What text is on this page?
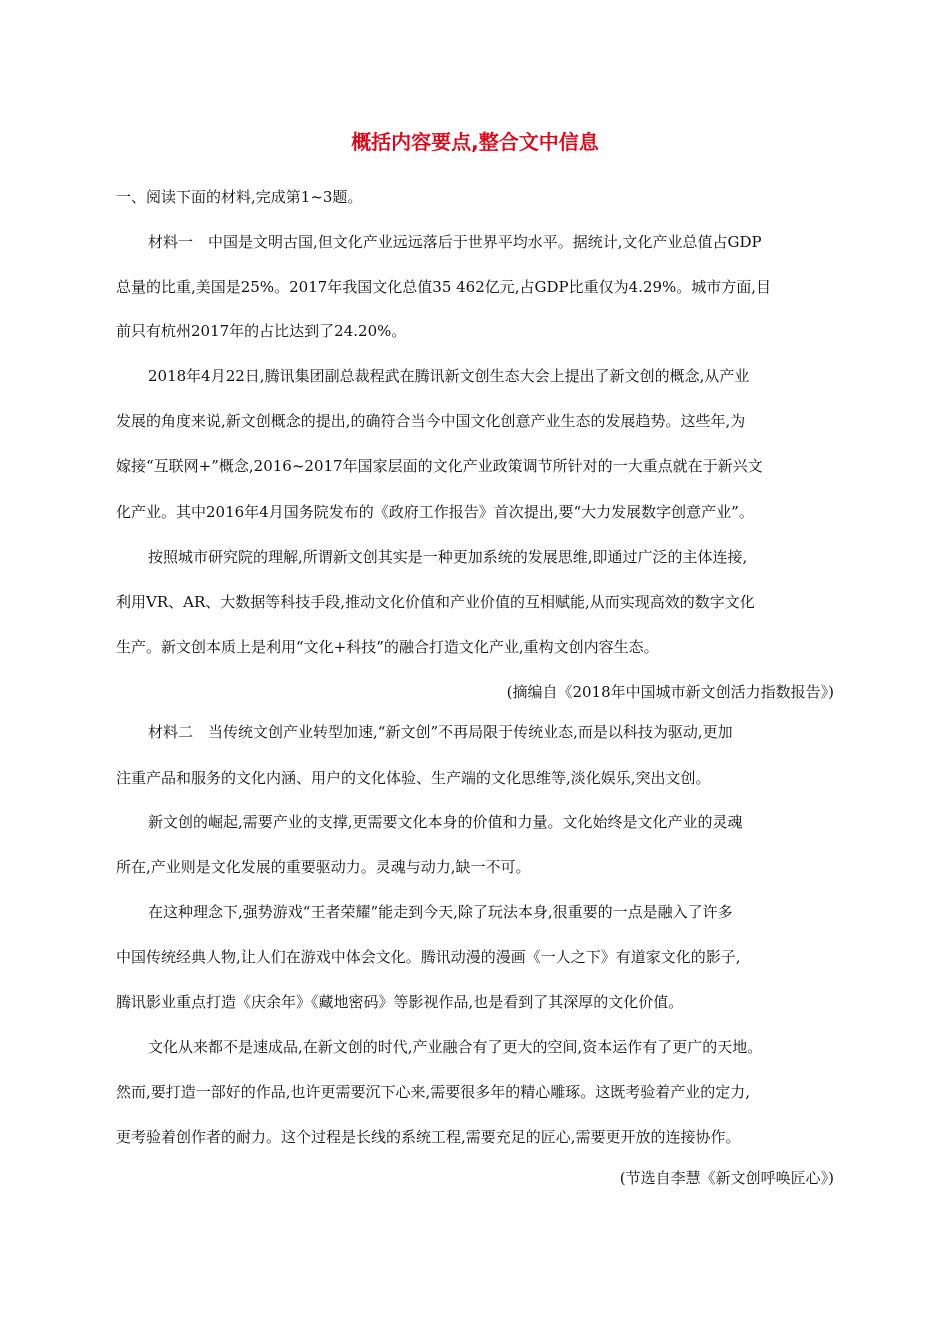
概括内容要点,整合文中信息
一、阅读下面的材料,完成第1~3题。
材料一　中国是文明古国,但文化产业远远落后于世界平均水平。据统计,文化产业总值占GDP
总量的比重,美国是25%。2017年我国文化总值35 462亿元,占GDP比重仅为4.29%。城市方面,目
前只有杭州2017年的占比达到了24.20%。
2018年4月22日,腾讯集团副总裁程武在腾讯新文创生态大会上提出了新文创的概念,从产业
发展的角度来说,新文创概念的提出,的确符合当今中国文化创意产业生态的发展趋势。这些年,为
嫁接“互联网+”概念,2016~2017年国家层面的文化产业政策调节所针对的一大重点就在于新兴文
化产业。其中2016年4月国务院发布的《政府工作报告》首次提出,要“大力发展数字创意产业”。
按照城市研究院的理解,所谓新文创其实是一种更加系统的发展思维,即通过广泛的主体连接,
利用VR、AR、大数据等科技手段,推动文化价值和产业价值的互相赋能,从而实现高效的数字文化
生产。新文创本质上是利用“文化+科技”的融合打造文化产业,重构文创内容生态。
(摘编自《2018年中国城市新文创活力指数报告》)
材料二　当传统文创产业转型加速,“新文创”不再局限于传统业态,而是以科技为驱动,更加
注重产品和服务的文化内涵、用户的文化体验、生产端的文化思维等,淡化娱乐,突出文创。
新文创的崛起,需要产业的支撑,更需要文化本身的价值和力量。文化始终是文化产业的灵魂
所在,产业则是文化发展的重要驱动力。灵魂与动力,缺一不可。
在这种理念下,强势游戏“王者荣耀”能走到今天,除了玩法本身,很重要的一点是融入了许多
中国传统经典人物,让人们在游戏中体会文化。腾讯动漫的漫画《一人之下》有道家文化的影子,
腾讯影业重点打造《庆余年》《藏地密码》等影视作品,也是看到了其深厚的文化价值。
文化从来都不是速成品,在新文创的时代,产业融合有了更大的空间,资本运作有了更广的天地。
然而,要打造一部好的作品,也许更需要沉下心来,需要很多年的精心雕琢。这既考验着产业的定力,
更考验着创作者的耐力。这个过程是长线的系统工程,需要充足的匠心,需要更开放的连接协作。
(节选自李慧《新文创呼唤匠心》)
